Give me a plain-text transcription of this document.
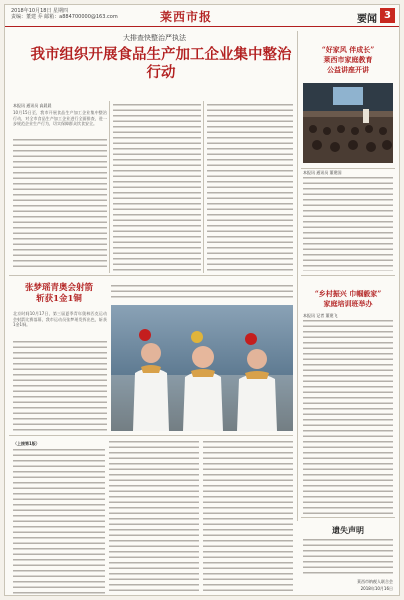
2018年10月18日 星期四
责编：董建 乔 邮箱：a884700000@163.com	莱西市报	要闻 3
大排查快整治严执法
我市组织开展食品生产加工企业集中整治行动
本报讯 通讯员 高晨晨
10月15日至，我市开展食品生产加工企业集中整治行动，对全市食品生产加工企业进行全面排查，进一步规范企业生产行为，切实保障群众饮食安全。
张梦瑶青奥会射箭
斩获1金1铜
北京时间10月17日，第三届夏季青年奥林匹克运动会射箭比赛落幕，我市运动员张梦瑶发挥出色，斩获1金1铜。
（上接第1版）
“好家风 伴成长”
莱西市家庭教育
公益讲座开讲
本报讯 通讯员 董建国
“乡村振兴 巾帼毅家”
家庭培训班举办
本报讯 记者 董建飞
遗失声明
莱西市纳税人联合会
2018年10月16日
